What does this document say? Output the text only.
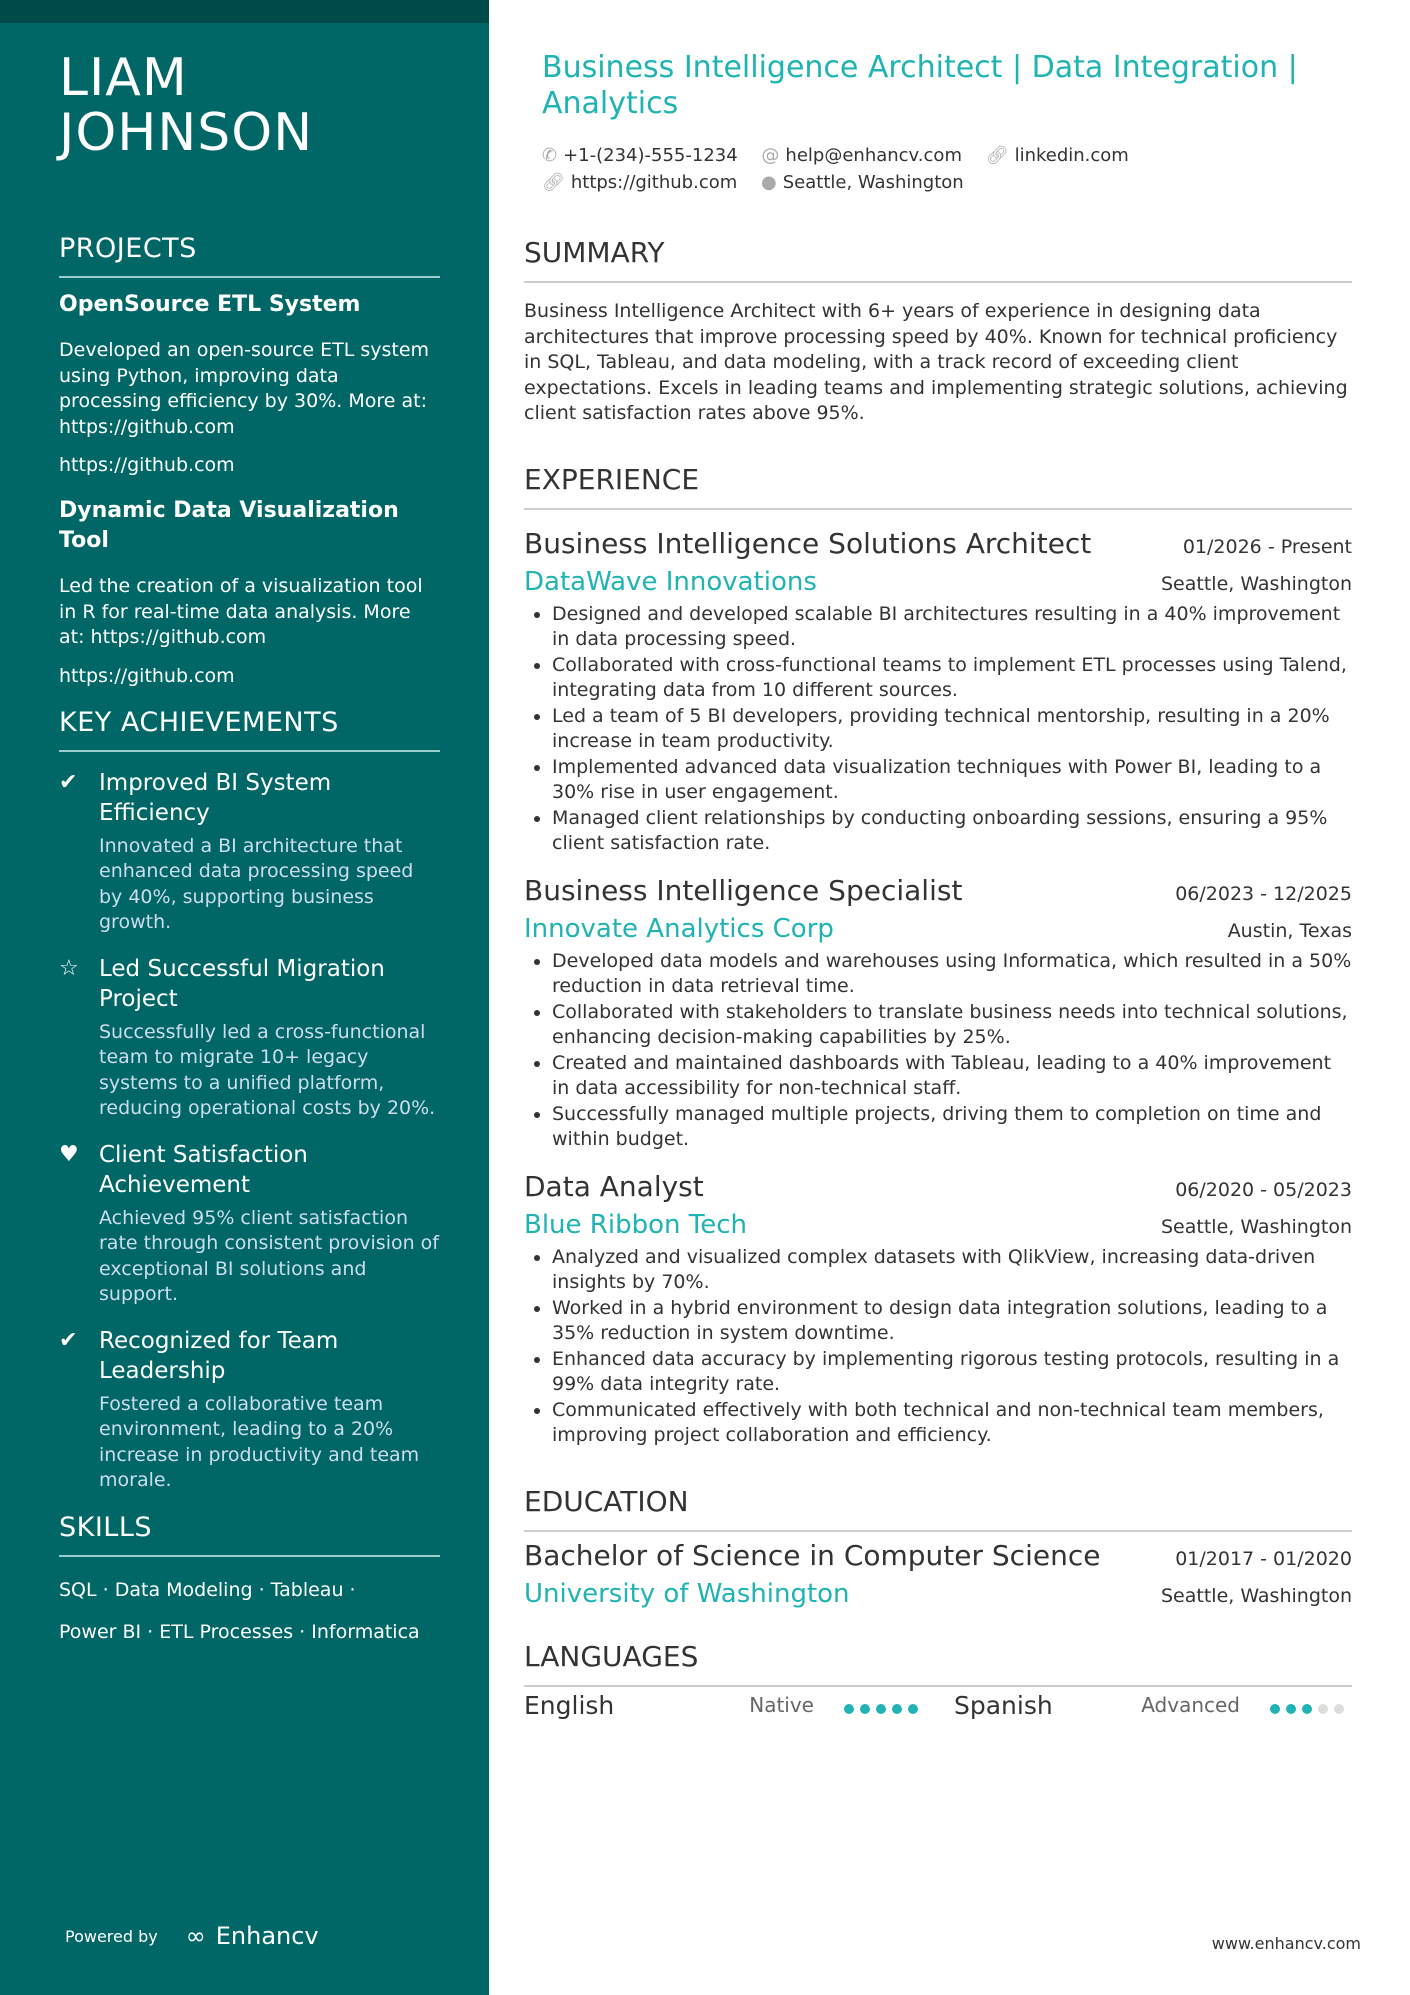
LIAM JOHNSON
PROJECTS
OpenSource ETL System
Developed an open-source ETL system using Python, improving data processing efficiency by 30%. More at: https://github.com
https://github.com
Dynamic Data Visualization Tool
Led the creation of a visualization tool in R for real-time data analysis. More at: https://github.com
https://github.com
KEY ACHIEVEMENTS
✔ Improved BI System Efficiency
Innovated a BI architecture that enhanced data processing speed by 40%, supporting business growth.
☆ Led Successful Migration Project
Successfully led a cross-functional team to migrate 10+ legacy systems to a unified platform, reducing operational costs by 20%.
♥ Client Satisfaction Achievement
Achieved 95% client satisfaction rate through consistent provision of exceptional BI solutions and support.
✔ Recognized for Team Leadership
Fostered a collaborative team environment, leading to a 20% increase in productivity and team morale.
SKILLS
SQL · Data Modeling · Tableau ·
Power BI · ETL Processes · Informatica
Powered by ∞ Enhancv
Business Intelligence Architect | Data Integration | Analytics
✆ +1-(234)-555-1234 @ help@enhancv.com 🔗︎ linkedin.com
🔗︎ https://github.com ● Seattle, Washington
SUMMARY
Business Intelligence Architect with 6+ years of experience in designing data architectures that improve processing speed by 40%. Known for technical proficiency in SQL, Tableau, and data modeling, with a track record of exceeding client expectations. Excels in leading teams and implementing strategic solutions, achieving client satisfaction rates above 95%.
EXPERIENCE
Business Intelligence Solutions Architect	01/2026 - Present
DataWave Innovations	Seattle, Washington
• Designed and developed scalable BI architectures resulting in a 40% improvement in data processing speed.
• Collaborated with cross-functional teams to implement ETL processes using Talend, integrating data from 10 different sources.
• Led a team of 5 BI developers, providing technical mentorship, resulting in a 20% increase in team productivity.
• Implemented advanced data visualization techniques with Power BI, leading to a 30% rise in user engagement.
• Managed client relationships by conducting onboarding sessions, ensuring a 95% client satisfaction rate.
Business Intelligence Specialist	06/2023 - 12/2025
Innovate Analytics Corp	Austin, Texas
• Developed data models and warehouses using Informatica, which resulted in a 50% reduction in data retrieval time.
• Collaborated with stakeholders to translate business needs into technical solutions, enhancing decision-making capabilities by 25%.
• Created and maintained dashboards with Tableau, leading to a 40% improvement in data accessibility for non-technical staff.
• Successfully managed multiple projects, driving them to completion on time and within budget.
Data Analyst	06/2020 - 05/2023
Blue Ribbon Tech	Seattle, Washington
• Analyzed and visualized complex datasets with QlikView, increasing data-driven insights by 70%.
• Worked in a hybrid environment to design data integration solutions, leading to a 35% reduction in system downtime.
• Enhanced data accuracy by implementing rigorous testing protocols, resulting in a 99% data integrity rate.
• Communicated effectively with both technical and non-technical team members, improving project collaboration and efficiency.
EDUCATION
Bachelor of Science in Computer Science	01/2017 - 01/2020
University of Washington	Seattle, Washington
LANGUAGES
English	Native	Spanish	Advanced
www.enhancv.com
